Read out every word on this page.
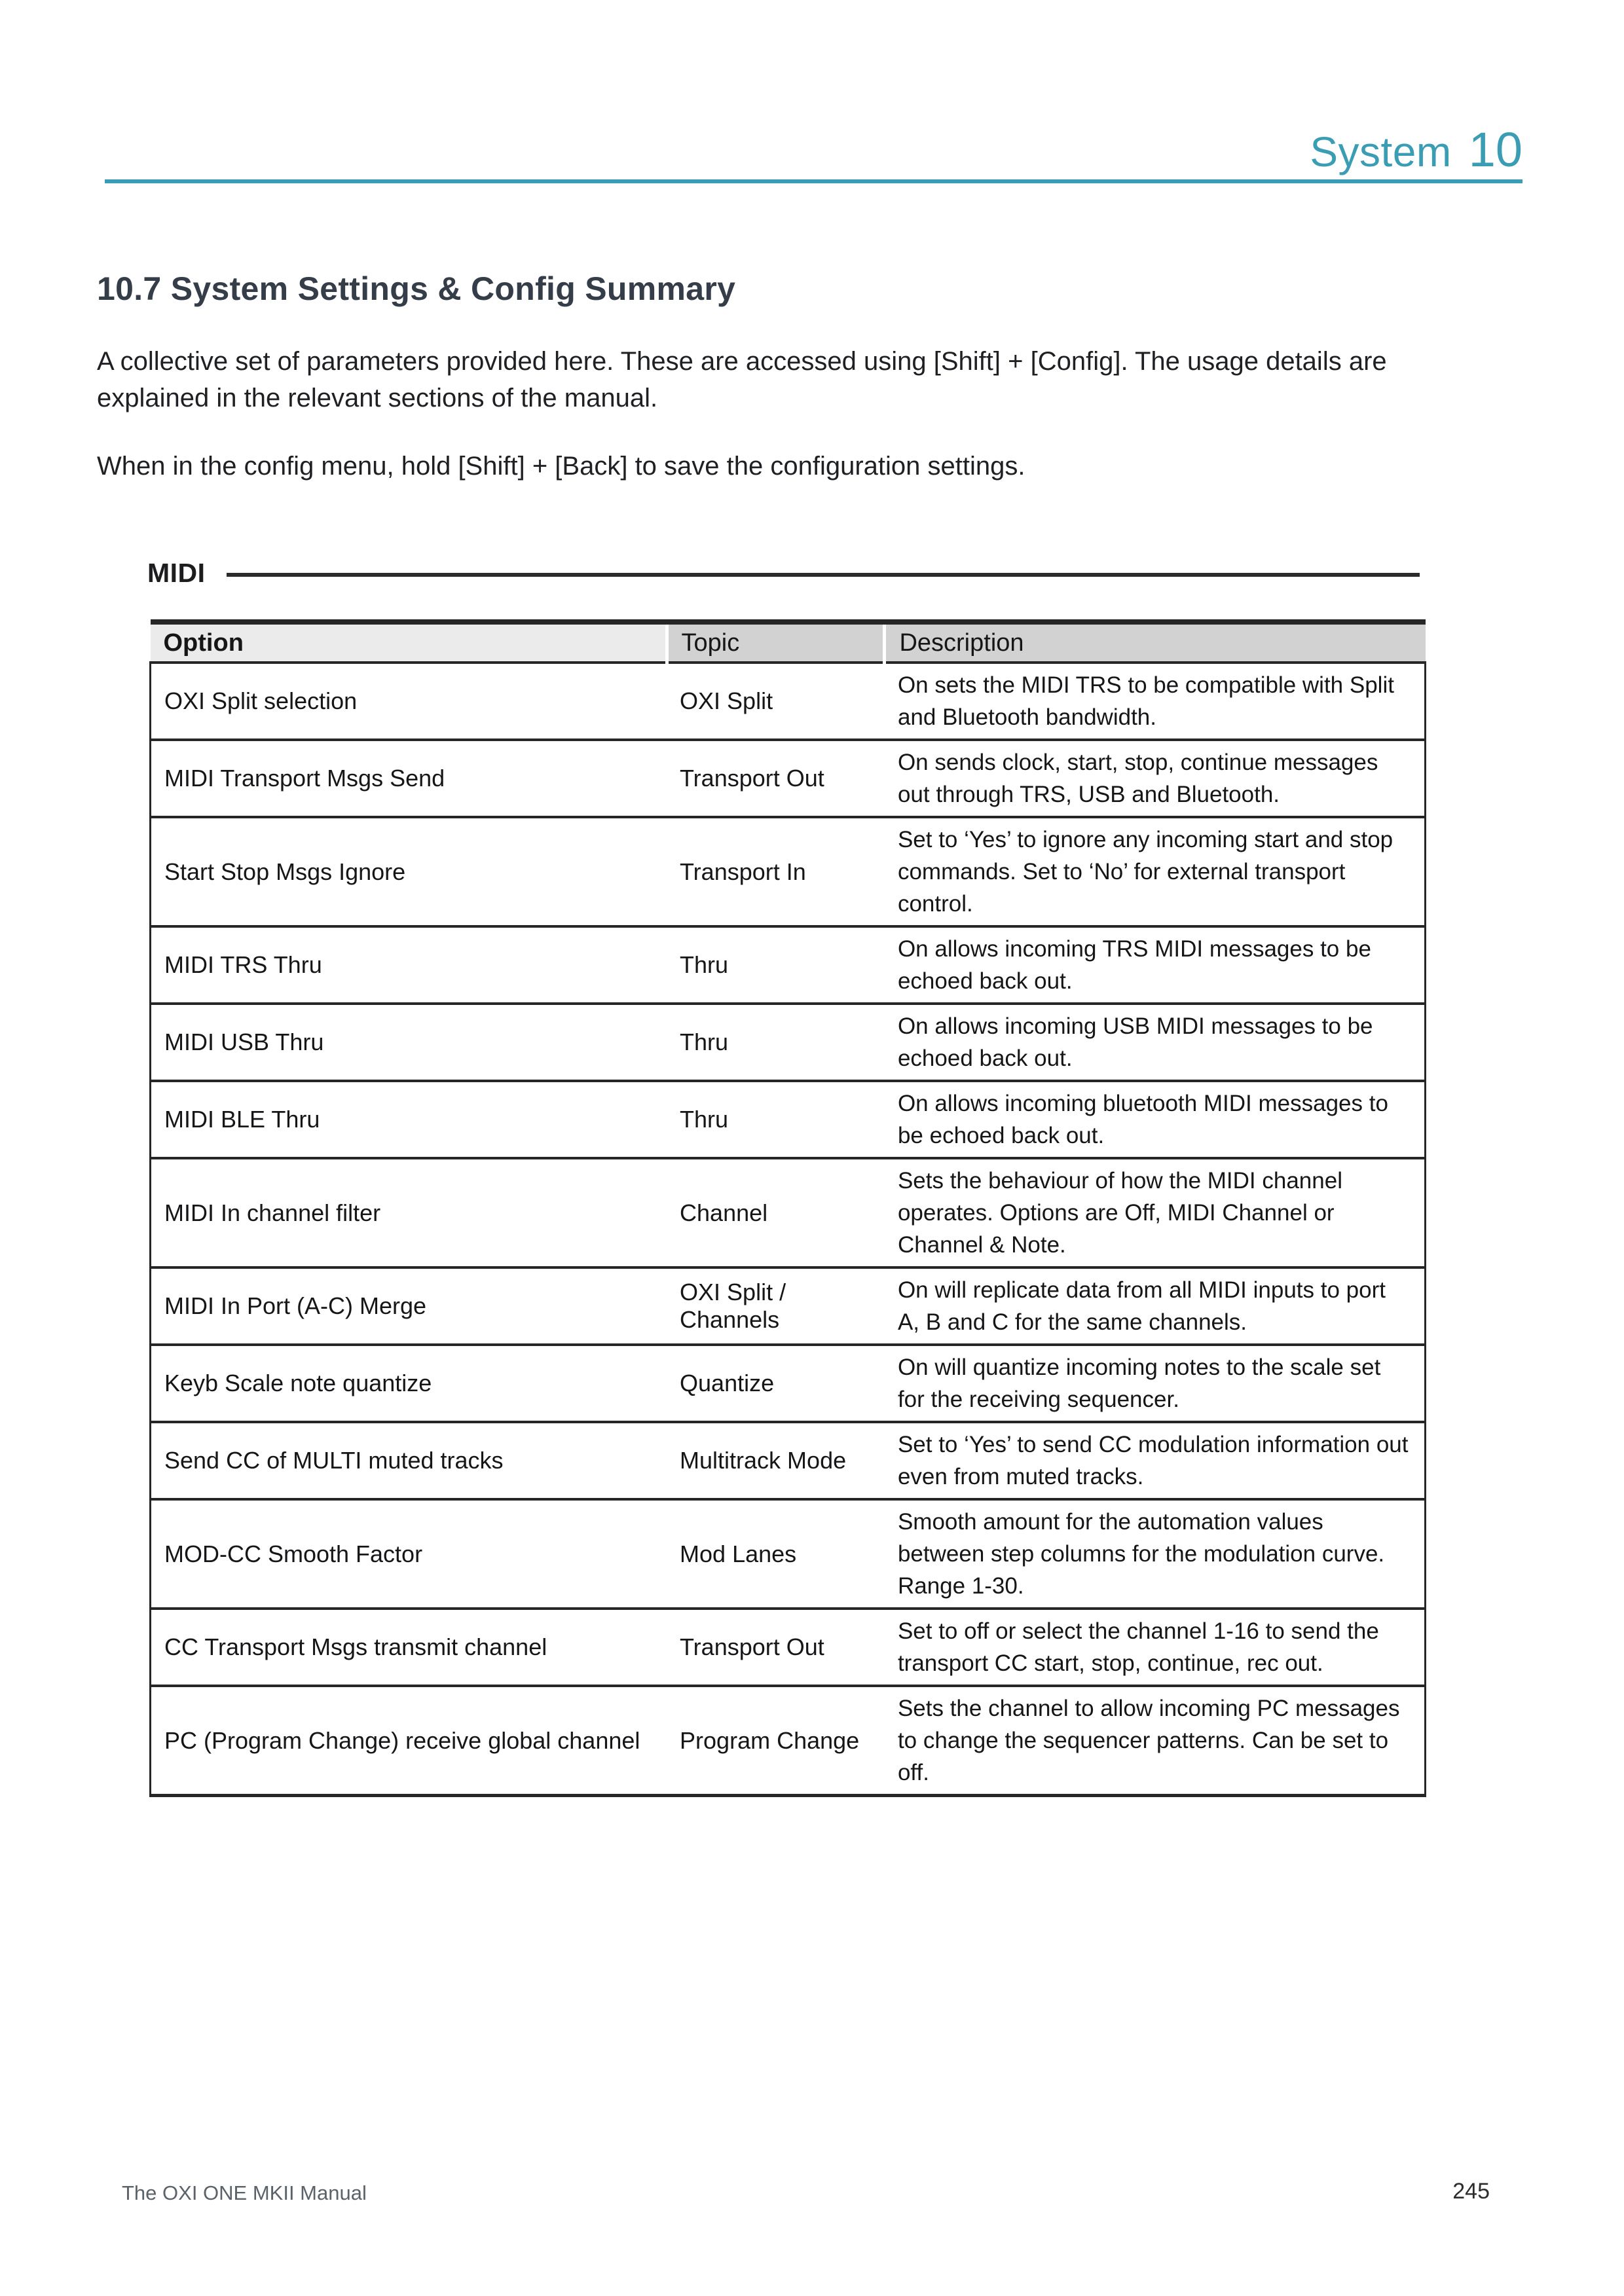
System 10
10.7 System Settings & Config Summary

A collective set of parameters provided here. These are accessed using [Shift] + [Config]. The usage details are explained in the relevant sections of the manual.

When in the config menu, hold [Shift] + [Back] to save the configuration settings.

MIDI
Option	Topic	Description
OXI Split selection	OXI Split	On sets the MIDI TRS to be compatible with Split and Bluetooth bandwidth.
MIDI Transport Msgs Send	Transport Out	On sends clock, start, stop, continue messages out through TRS, USB and Bluetooth.
Start Stop Msgs Ignore	Transport In	Set to ‘Yes’ to ignore any incoming start and stop commands. Set to ‘No’ for external transport control.
MIDI TRS Thru	Thru	On allows incoming TRS MIDI messages to be echoed back out.
MIDI USB Thru	Thru	On allows incoming USB MIDI messages to be echoed back out.
MIDI BLE Thru	Thru	On allows incoming bluetooth MIDI messages to be echoed back out.
MIDI In channel filter	Channel	Sets the behaviour of how the MIDI channel operates. Options are Off, MIDI Channel or Channel & Note.
MIDI In Port (A-C) Merge	OXI Split / Channels	On will replicate data from all MIDI inputs to port A, B and C for the same channels.
Keyb Scale note quantize	Quantize	On will quantize incoming notes to the scale set for the receiving sequencer.
Send CC of MULTI muted tracks	Multitrack Mode	Set to ‘Yes’ to send CC modulation information out even from muted tracks.
MOD-CC Smooth Factor	Mod Lanes	Smooth amount for the automation values between step columns for the modulation curve. Range 1-30.
CC Transport Msgs transmit channel	Transport Out	Set to off or select the channel 1-16 to send the transport CC start, stop, continue, rec out.
PC (Program Change) receive global channel	Program Change	Sets the channel to allow incoming PC messages to change the sequencer patterns. Can be set to off.
The OXI ONE MKII Manual	245
